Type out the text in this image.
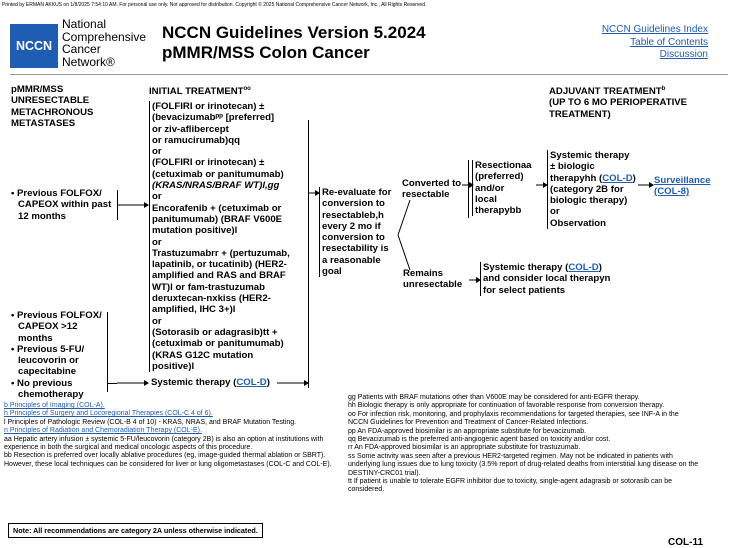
Printed by ERMAN AKKUS on 1/8/2025 7:54:10 AM. For personal use only. Not approved for distribution. Copyright © 2025 National Comprehensive Cancer Network, Inc., All Rights Reserved.
NCCN
National
Comprehensive
Cancer
Network®
NCCN Guidelines Version 5.2024
pMMR/MSS Colon Cancer
NCCN Guidelines Index
Table of Contents
Discussion
pMMR/MSS
UNRESECTABLE
METACHRONOUS
METASTASES
INITIAL $TREATMENT^{oo}$	ADJUVANT TREATMENT$^b$
(UP TO 6 MO PERIOPERATIVE
TREATMENT)
• Previous FOLFOX/
CAPEOX within past
12 months
• Previous FOLFOX/
CAPEOX >12
months
• Previous 5-FU/
leucovorin or
capecitabine
• No previous
chemotherapy
(FOLFIRI or irinotecan) ±
(bevacizumabᵖᵖ [preferred]
or ziv-aflibercept
or ramucirumab)qq
or
(FOLFIRI or irinotecan) ±
(cetuximab or panitumumab)
(KRAS/NRAS/BRAF WT)l,gg
or
Encorafenib + (cetuximab or
panitumumab) (BRAF V600E
mutation positive)l
or
Trastuzumabrr + (pertuzumab,
lapatinib, or tucatinib) (HER2-
amplified and RAS and BRAF
WT)l or fam-trastuzumab
deruxtecan-nxkiss (HER2-
amplified, IHC 3+)l
or
(Sotorasib or adagrasib)tt +
(cetuximab or panitumumab)
(KRAS G12C mutation
positive)l
Systemic therapy (COL-D)
Re-evaluate for
conversion to
resectableb,h
every 2 mo if
conversion to
resectability is
a reasonable
goal
Converted to
resectable
Resectionaa
(preferred)
and/or
local
therapybb
Systemic therapy
± biologic
therapyhh (COL-D)
(category 2B for
biologic therapy)
or
Observation
Surveillance
(COL-8)
Remains
unresectable
Systemic therapy (COL-D)
and consider local therapyn
for select patients
b Principles of Imaging (COL-A).
h Principles of Surgery and Locoregional Therapies (COL-C 4 of 6).
l Principles of Pathologic Review (COL-B 4 of 10) - KRAS, NRAS, and BRAF Mutation Testing.
n Principles of Radiation and Chemoradiation Therapy (COL-E).
aa Hepatic artery infusion ± systemic 5-FU/leucovorin (category 2B) is also an option at institutions with experience in both the surgical and medical oncologic aspects of this procedure.
bb Resection is preferred over locally ablative procedures (eg, image-guided thermal ablation or SBRT). However, these local techniques can be considered for liver or lung oligometastases (COL-C and COL-E).
gg Patients with BRAF mutations other than V600E may be considered for anti-EGFR therapy.
hh Biologic therapy is only appropriate for continuation of favorable response from conversion therapy.
oo For infection risk, monitoring, and prophylaxis recommendations for targeted therapies, see INF-A in the NCCN Guidelines for Prevention and Treatment of Cancer-Related Infections.
pp An FDA-approved biosimilar is an appropriate substitute for bevacizumab.
qq Bevacizumab is the preferred anti-angiogenic agent based on toxicity and/or cost.
rr An FDA-approved biosimilar is an appropriate substitute for trastuzumab.
ss Some activity was seen after a previous HER2-targeted regimen. May not be indicated in patients with underlying lung issues due to lung toxicity (3.5% report of drug-related deaths from interstitial lung disease on the DESTINY-CRC01 trial).
tt If patient is unable to tolerate EGFR inhibitor due to toxicity, single-agent adagrasib or sotorasib can be considered.
Note: All recommendations are category 2A unless otherwise indicated.
COL-11
